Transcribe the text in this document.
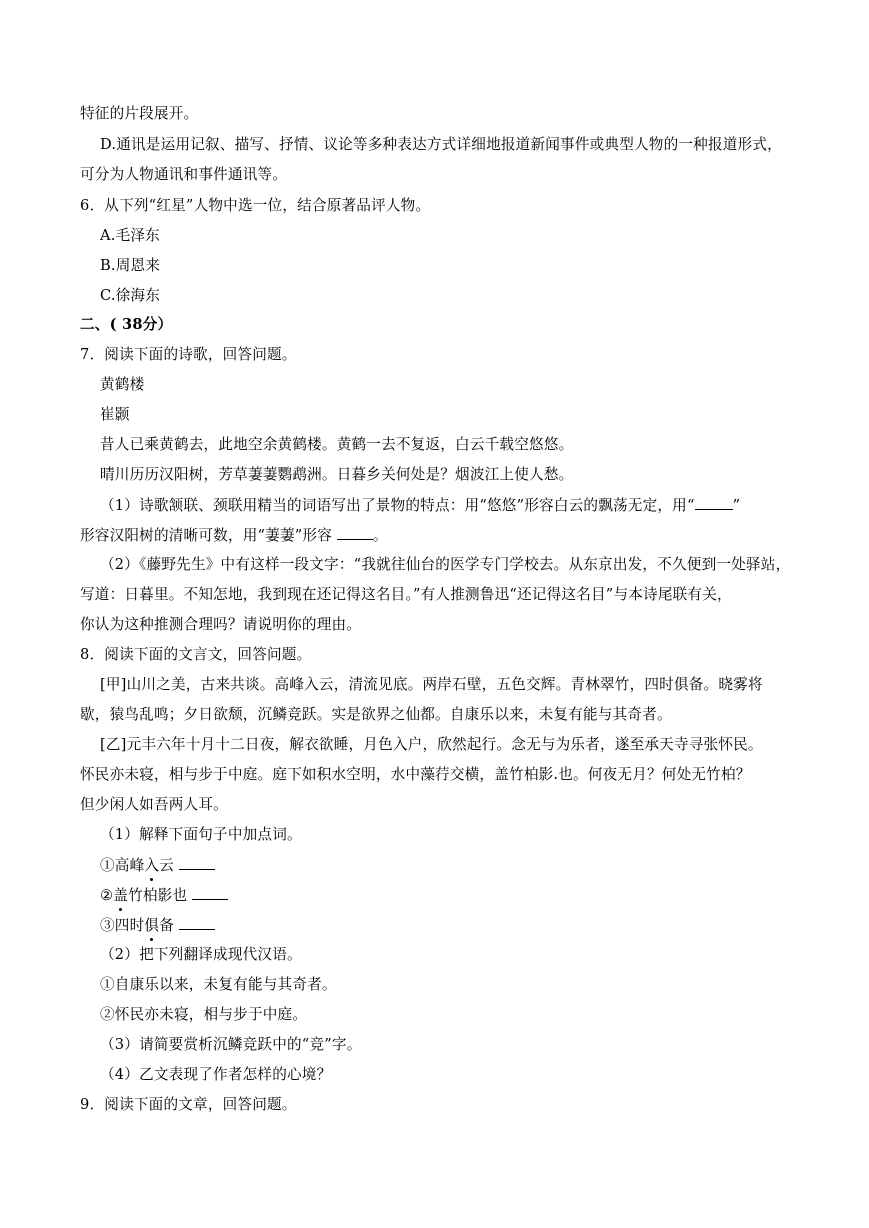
特征的片段展开。
D.通讯是运用记叙、描写、抒情、议论等多种表达方式详细地报道新闻事件或典型人物的一种报道形式，
可分为人物通讯和事件通讯等。
6．从下列“红星”人物中选一位，结合原著品评人物。
A.毛泽东
B.周恩来
C.徐海东
二、( 38分）
7．阅读下面的诗歌，回答问题。
黄鹤楼
崔颢
昔人已乘黄鹤去，此地空余黄鹤楼。黄鹤一去不复返，白云千载空悠悠。
晴川历历汉阳树，芳草萋萋鹦鹉洲。日暮乡关何处是？烟波江上使人愁。
（1）诗歌颔联、颈联用精当的词语写出了景物的特点：用“悠悠”形容白云的飘荡无定，用“	”
形容汉阳树的清晰可数，用“萋萋”形容	。
（2）《藤野先生》中有这样一段文字：“我就往仙台的医学专门学校去。从东京出发，不久便到一处驿站，
写道：日暮里。不知怎地，我到现在还记得这名目。”有人推测鲁迅“还记得这名目”与本诗尾联有关，
你认为这种推测合理吗？请说明你的理由。
8．阅读下面的文言文，回答问题。
[甲]山川之美，古来共谈。高峰入云，清流见底。两岸石壁，五色交辉。青林翠竹，四时俱备。晓雾将
歇，猿鸟乱鸣；夕日欲颓，沉鳞竞跃。实是欲界之仙都。自康乐以来，未复有能与其奇者。
[乙]元丰六年十月十二日夜，解衣欲睡，月色入户，欣然起行。念无与为乐者，遂至承天寺寻张怀民。
怀民亦未寝，相与步于中庭。庭下如积水空明，水中藻荇交横，盖竹柏影.也。何夜无月？何处无竹柏？
但少闲人如吾两人耳。
（1）解释下面句子中加点词。
①高峰入云
②盖竹柏影也
③四时俱备
（2）把下列翻译成现代汉语。
①自康乐以来，未复有能与其奇者。
②怀民亦未寝，相与步于中庭。
（3）请简要赏析沉鳞竞跃中的“竞”字。
（4）乙文表现了作者怎样的心境？
9．阅读下面的文章，回答问题。
